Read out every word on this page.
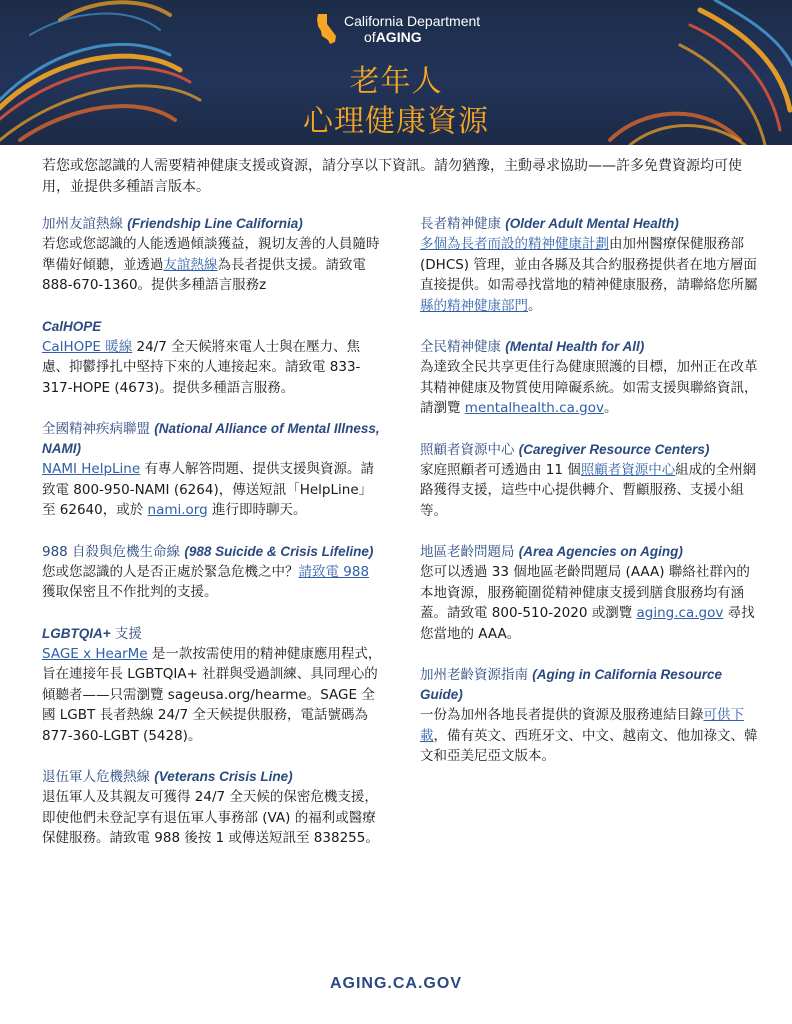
California Department
ofAGING
老年人
心理健康資源

若您或您認識的人需要精神健康支援或資源，請分享以下資訊。請勿猶豫，主動尋求協助——許多免費資源均可使用，並提供多種語言版本。

加州友誼熱線 (Friendship Line California)
若您或您認識的人能透過傾談獲益，親切友善的人員隨時準備好傾聽，並透過友誼熱線為長者提供支援。請致電 888-670-1360。提供多種語言服務z
CalHOPE
CalHOPE 暖線 24/7 全天候將來電人士與在壓力、焦慮、抑鬱掙扎中堅持下來的人連接起來。請致電 833-317-HOPE (4673)。提供多種語言服務。
全國精神疾病聯盟 (National Alliance of Mental Illness, NAMI)
NAMI HelpLine 有專人解答問題、提供支援與資源。請致電 800-950-NAMI (6264)，傳送短訊「HelpLine」至 62640，或於 nami.org 進行即時聊天。
988 自殺與危機生命線 (988 Suicide & Crisis Lifeline)
您或您認識的人是否正處於緊急危機之中？請致電 988 獲取保密且不作批判的支援。
LGBTQIA+ 支援
SAGE x HearMe 是一款按需使用的精神健康應用程式，旨在連接年長 LGBTQIA+ 社群與受過訓練、具同理心的傾聽者——只需瀏覽 sageusa.org/hearme。SAGE 全國 LGBT 長者熱線 24/7 全天候提供服務，電話號碼為 877-360-LGBT (5428)。
退伍軍人危機熱線 (Veterans Crisis Line)
退伍軍人及其親友可獲得 24/7 全天候的保密危機支援，即使他們未登記享有退伍軍人事務部 (VA) 的福利或醫療保健服務。請致電 988 後按 1 或傳送短訊至 838255。
長者精神健康 (Older Adult Mental Health)
多個為長者而設的精神健康計劃由加州醫療保健服務部 (DHCS) 管理，並由各縣及其合約服務提供者在地方層面直接提供。如需尋找當地的精神健康服務，請聯絡您所屬縣的精神健康部門。
全民精神健康 (Mental Health for All)
為達致全民共享更佳行為健康照護的目標，加州正在改革其精神健康及物質使用障礙系統。如需支援與聯絡資訊，請瀏覽 mentalhealth.ca.gov。
照顧者資源中心 (Caregiver Resource Centers)
家庭照顧者可透過由 11 個照顧者資源中心組成的全州網路獲得支援，這些中心提供轉介、暫顧服務、支援小組等。
地區老齡問題局 (Area Agencies on Aging)
您可以透過 33 個地區老齡問題局 (AAA) 聯絡社群內的本地資源，服務範圍從精神健康支援到膳食服務均有涵蓋。請致電 800-510-2020 或瀏覽 aging.ca.gov 尋找您當地的 AAA。
加州老齡資源指南 (Aging in California Resource Guide)
一份為加州各地長者提供的資源及服務連結目錄可供下載，備有英文、西班牙文、中文、越南文、他加祿文、韓文和亞美尼亞文版本。
AGING.CA.GOV
